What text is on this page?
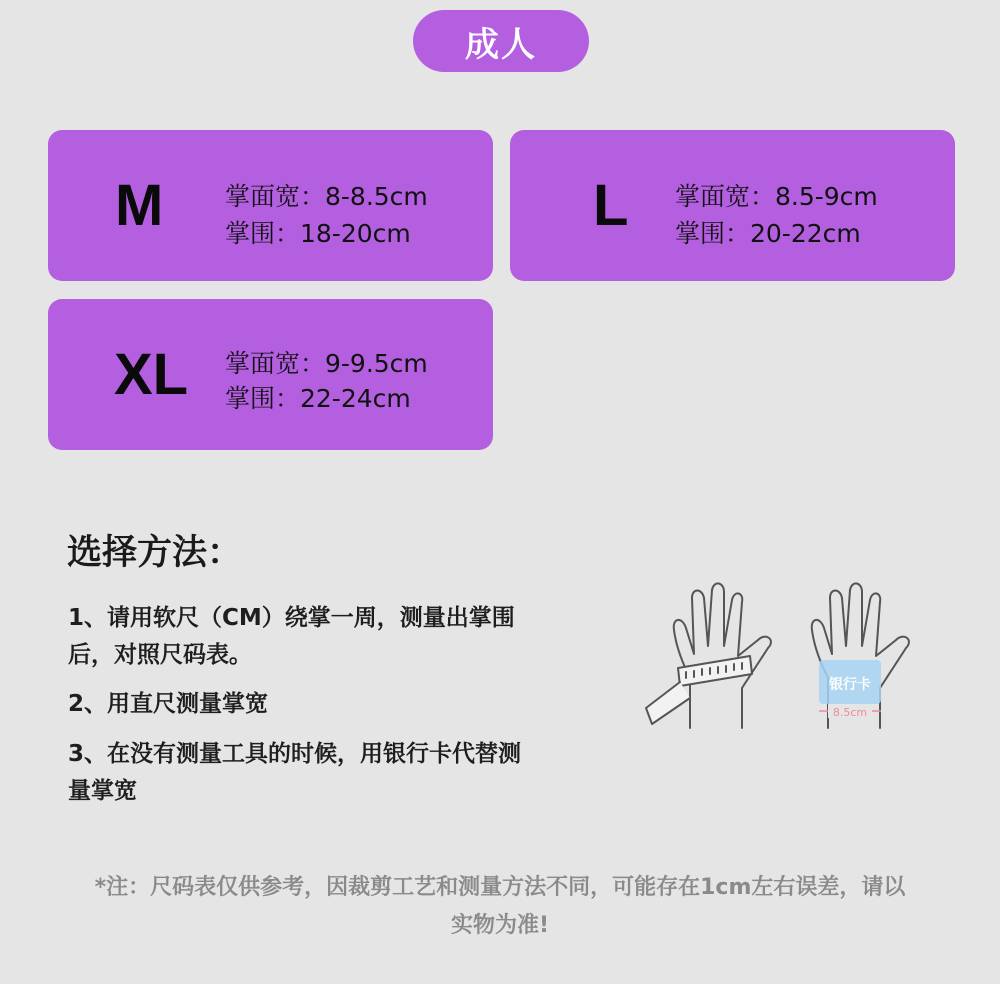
成人
M 掌面宽：8-8.5cm
掌围：18-20cm	L 掌面宽：8.5-9cm
掌围：20-22cm
XL 掌面宽：9-9.5cm
掌围：22-24cm
选择方法：
1、请用软尺（CM）绕掌一周，测量出掌围后，对照尺码表。
2、用直尺测量掌宽
3、在没有测量工具的时候，用银行卡代替测量掌宽
银行卡
8.5cm
*注：尺码表仅供参考，因裁剪工艺和测量方法不同，可能存在1cm左右误差，请以实物为准!
